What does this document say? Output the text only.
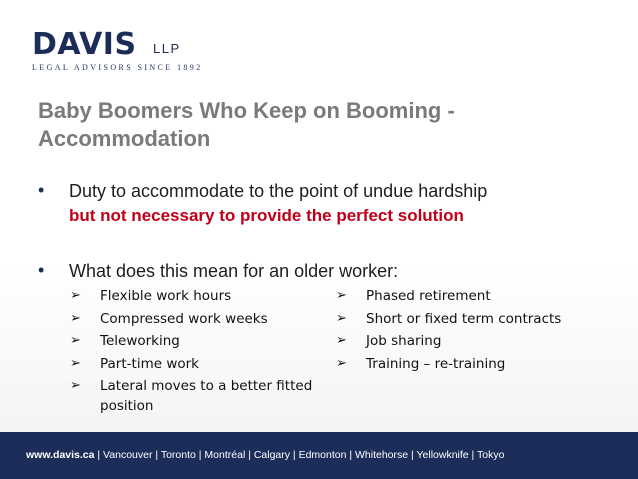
DAVIS LLP
LEGAL ADVISORS SINCE 1892
Baby Boomers Who Keep on Booming - Accommodation
• Duty to accommodate to the point of undue hardship
but not necessary to provide the perfect solution
• What does this mean for an older worker:
➢ Flexible work hours
➢ Compressed work weeks
➢ Teleworking
➢ Part-time work
➢ Lateral moves to a better fitted
position
➢ Phased retirement
➢ Short or fixed term contracts
➢ Job sharing
➢ Training – re-training
www.davis.ca | Vancouver | Toronto | Montréal | Calgary | Edmonton | Whitehorse | Yellowknife | Tokyo
